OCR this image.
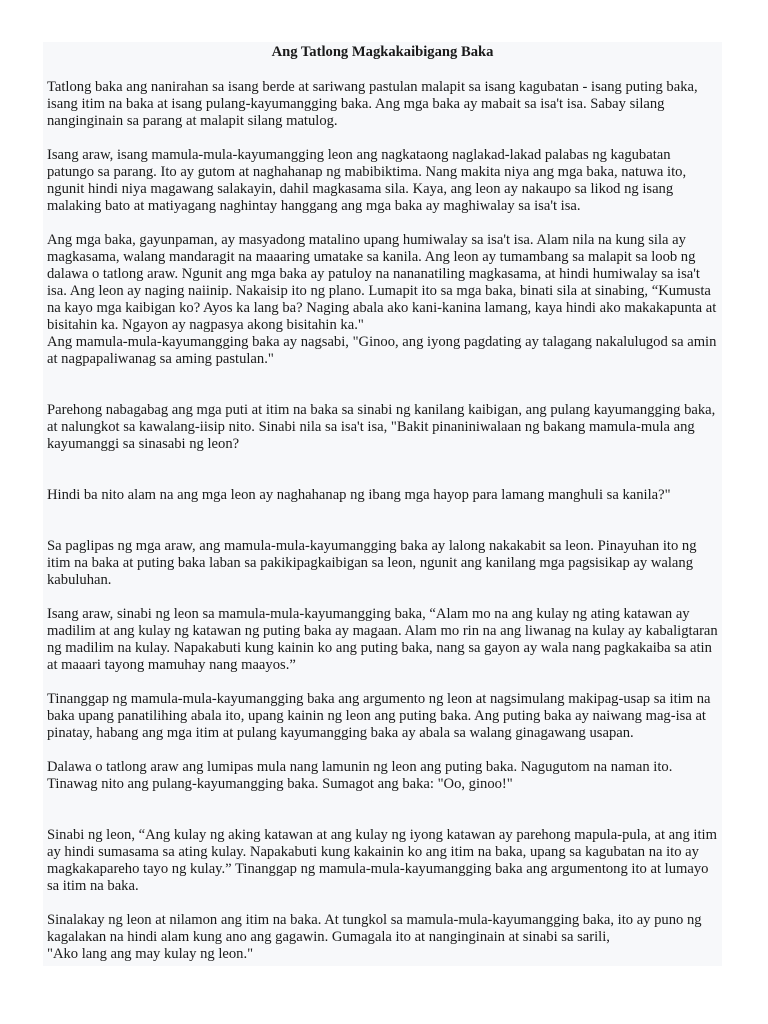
Ang Tatlong Magkakaibigang Baka

Tatlong baka ang nanirahan sa isang berde at sariwang pastulan malapit sa isang kagubatan - isang puting baka, isang itim na baka at isang pulang-kayumangging baka. Ang mga baka ay mabait sa isa't isa. Sabay silang nanginginain sa parang at malapit silang matulog.

Isang araw, isang mamula-mula-kayumangging leon ang nagkataong naglakad-lakad palabas ng kagubatan patungo sa parang. Ito ay gutom at naghahanap ng mabibiktima. Nang makita niya ang mga baka, natuwa ito, ngunit hindi niya magawang salakayin, dahil magkasama sila. Kaya, ang leon ay nakaupo sa likod ng isang malaking bato at matiyagang naghintay hanggang ang mga baka ay maghiwalay sa isa't isa.

Ang mga baka, gayunpaman, ay masyadong matalino upang humiwalay sa isa't isa. Alam nila na kung sila ay magkasama, walang mandaragit na maaaring umatake sa kanila. Ang leon ay tumambang sa malapit sa loob ng dalawa o tatlong araw. Ngunit ang mga baka ay patuloy na nananatiling magkasama, at hindi humiwalay sa isa't isa. Ang leon ay naging naiinip. Nakaisip ito ng plano. Lumapit ito sa mga baka, binati sila at sinabing, “Kumusta na kayo mga kaibigan ko? Ayos ka lang ba? Naging abala ako kani-kanina lamang, kaya hindi ako makakapunta at bisitahin ka. Ngayon ay nagpasya akong bisitahin ka."

Ang mamula-mula-kayumangging baka ay nagsabi, "Ginoo, ang iyong pagdating ay talagang nakalulugod sa amin at nagpapaliwanag sa aming pastulan."

Parehong nabagabag ang mga puti at itim na baka sa sinabi ng kanilang kaibigan, ang pulang kayumangging baka, at nalungkot sa kawalang-iisip nito. Sinabi nila sa isa't isa, "Bakit pinaniniwalaan ng bakang mamula-mula ang kayumanggi sa sinasabi ng leon?

Hindi ba nito alam na ang mga leon ay naghahanap ng ibang mga hayop para lamang manghuli sa kanila?"

Sa paglipas ng mga araw, ang mamula-mula-kayumangging baka ay lalong nakakabit sa leon. Pinayuhan ito ng itim na baka at puting baka laban sa pakikipagkaibigan sa leon, ngunit ang kanilang mga pagsisikap ay walang kabuluhan.

Isang araw, sinabi ng leon sa mamula-mula-kayumangging baka, “Alam mo na ang kulay ng ating katawan ay madilim at ang kulay ng katawan ng puting baka ay magaan. Alam mo rin na ang liwanag na kulay ay kabaligtaran ng madilim na kulay. Napakabuti kung kainin ko ang puting baka, nang sa gayon ay wala nang pagkakaiba sa atin at maaari tayong mamuhay nang maayos.”

Tinanggap ng mamula-mula-kayumangging baka ang argumento ng leon at nagsimulang makipag-usap sa itim na baka upang panatilihing abala ito, upang kainin ng leon ang puting baka. Ang puting baka ay naiwang mag-isa at pinatay, habang ang mga itim at pulang kayumangging baka ay abala sa walang ginagawang usapan.

Dalawa o tatlong araw ang lumipas mula nang lamunin ng leon ang puting baka. Nagugutom na naman ito. Tinawag nito ang pulang-kayumangging baka. Sumagot ang baka: "Oo, ginoo!"

Sinabi ng leon, “Ang kulay ng aking katawan at ang kulay ng iyong katawan ay parehong mapula-pula, at ang itim ay hindi sumasama sa ating kulay. Napakabuti kung kakainin ko ang itim na baka, upang sa kagubatan na ito ay magkakapareho tayo ng kulay.” Tinanggap ng mamula-mula-kayumangging baka ang argumentong ito at lumayo sa itim na baka.

Sinalakay ng leon at nilamon ang itim na baka. At tungkol sa mamula-mula-kayumangging baka, ito ay puno ng kagalakan na hindi alam kung ano ang gagawin. Gumagala ito at nanginginain at sinabi sa sarili,

"Ako lang ang may kulay ng leon."
